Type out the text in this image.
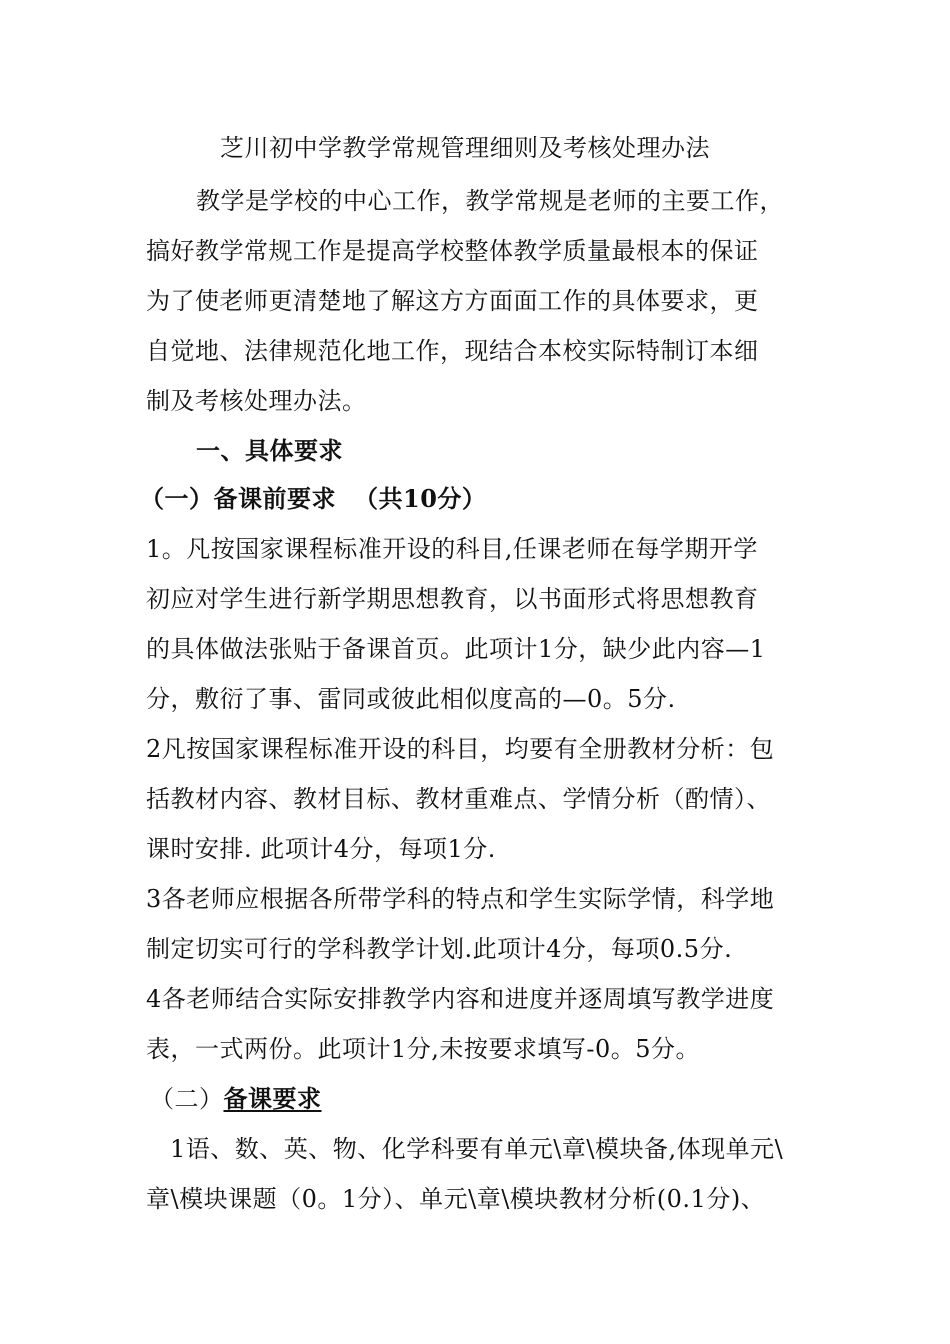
芝川初中学教学常规管理细则及考核处理办法
教学是学校的中心工作，教学常规是老师的主要工作，
搞好教学常规工作是提高学校整体教学质量最根本的保证
为了使老师更清楚地了解这方方面面工作的具体要求，更
自觉地、法律规范化地工作，现结合本校实际特制订本细
制及考核处理办法。
一、具体要求
（一）备课前要求 （共10分）
1。凡按国家课程标准开设的科目,任课老师在每学期开学
初应对学生进行新学期思想教育，以书面形式将思想教育
的具体做法张贴于备课首页。此项计1分，缺少此内容—1
分，敷衍了事、雷同或彼此相似度高的—0。5分.
2凡按国家课程标准开设的科目，均要有全册教材分析：包
括教材内容、教材目标、教材重难点、学情分析（酌情）、
课时安排. 此项计4分，每项1分.
3各老师应根据各所带学科的特点和学生实际学情，科学地
制定切实可行的学科教学计划.此项计4分，每项0.5分.
4各老师结合实际安排教学内容和进度并逐周填写教学进度
表，一式两份。此项计1分,未按要求填写-0。5分。
（二）备课要求
1语、数、英、物、化学科要有单元\章\模块备,体现单元\
章\模块课题（0。1分）、单元\章\模块教材分析(0.1分)、
